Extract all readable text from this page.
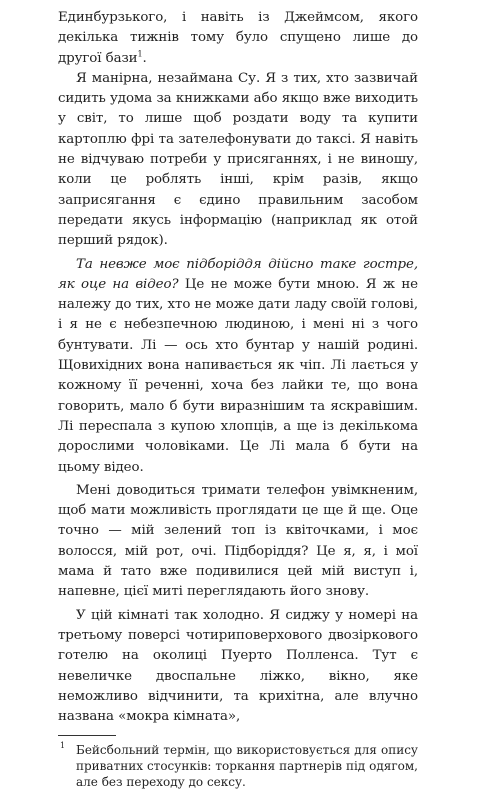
Единбурзького, і навіть із Джеймсом, якого декілька тижнів тому було спущено лише до другої бази$^1$.

Я манірна, незаймана Су. Я з тих, хто зазвичай сидить удома за книжками або якщо вже виходить у світ, то лише щоб роздати воду та купити картоплю фрі та зателефонувати до таксі. Я навіть не відчуваю потреби у присяганнях, і не виношу, коли це роблять інші, крім разів, якщо заприсягання є єдино правильним засобом передати якусь інформацію (наприклад як отой перший рядок).

Та невже моє підборіддя дійсно таке гостре, як оце на відео? Це не може бути мною. Я ж не належу до тих, хто не може дати ладу своїй голові, і я не є небезпечною людиною, і мені ні з чого бунтувати. Лі — ось хто бунтар у нашій родині. Щовихідних вона напивається як чіп. Лі лається у кожному її реченні, хоча без лайки те, що вона говорить, мало б бути виразнішим та яскравішим. Лі переспала з купою хлопців, а ще із декількома дорослими чоловіками. Це Лі мала б бути на цьому відео.

Мені доводиться тримати телефон увімкненим, щоб мати можливість проглядати це ще й ще. Оце точно — мій зелений топ із квіточками, і моє волосся, мій рот, очі. Підборіддя? Це я, я, і мої мама й тато вже подивилися цей мій виступ і, напевне, цієї миті переглядають його знову.

У цій кімнаті так холодно. Я сиджу у номері на третьому поверсі чотириповерхового двозіркового готелю на околиці Пуерто Полленса. Тут є невеличке двоспальне ліжко, вікно, яке неможливо відчинити, та крихітна, але влучно названа «мокра кімната»,

1 Бейсбольний термін, що використовується для опису приватних стосунків: торкання партнерів під одягом, але без переходу до сексу.
